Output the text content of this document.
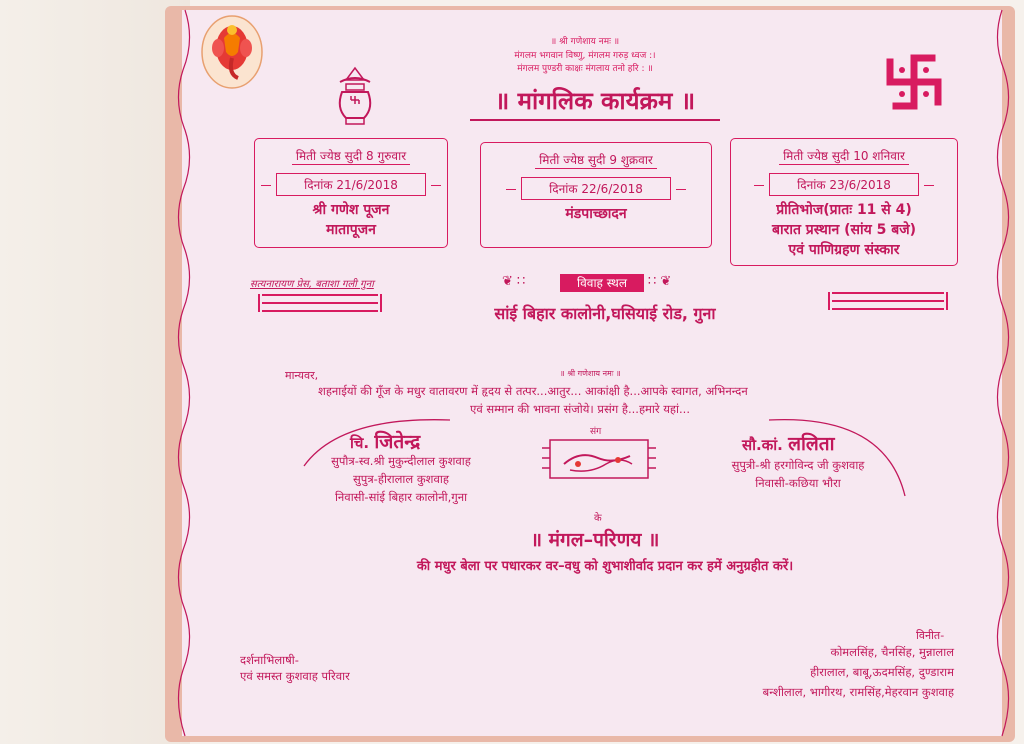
॥ श्री गणेशाय नमः ॥
मंगलम भगवान विष्णु, मंगलम गरुड़ ध्वज :।
मंगलम पुण्डरी काक्षः मंगलाय तनो हरि : ॥
॥ मांगलिक कार्यक्रम ॥
मिती ज्येष्ठ सुदी 8 गुरुवार
दिनांक 21/6/2018
श्री गणेश पूजन
मातापूजन
मिती ज्येष्ठ सुदी 9 शुक्रवार
दिनांक 22/6/2018
मंडपाच्छादन
मिती ज्येष्ठ सुदी 10 शनिवार
दिनांक 23/6/2018
प्रीतिभोज(प्रातः 11 से 4)
बारात प्रस्थान (सांय 5 बजे)
एवं पाणिग्रहण संस्कार
सत्यनारायण प्रेस, बताशा गली गुना	❦ ∷	विवाह स्थल	∷ ❦
सांई बिहार कालोनी,घसियाई रोड, गुना
मान्यवर,	॥ श्री गणेशाय नमः ॥
शहनाईयों की गूँज के मधुर वातावरण में हृदय से तत्पर...आतुर... आकांक्षी है...आपके स्वागत, अभिनन्दन
एवं सम्मान की भावना संजोये। प्रसंग है...हमारे यहां...
चि. जितेन्द्र
सुपौत्र-स्व.श्री मुकुन्दीलाल कुशवाह
सुपुत्र-हीरालाल कुशवाह
निवासी-सांई बिहार कालोनी,गुना
संग
सौ.कां. ललिता
सुपुत्री-श्री हरगोविन्द जी कुशवाह
निवासी-कछिया भौरा
के
॥ मंगल–परिणय ॥
की मधुर बेला पर पधारकर वर–वधु को शुभाशीर्वाद प्रदान कर हमें अनुग्रहीत करें।
दर्शनाभिलाषी-
एवं समस्त कुशवाह परिवार
विनीत-
कोमलसिंह, चैनसिंह, मुन्नालाल
हीरालाल, बाबू,ऊदमसिंह, दुण्डाराम
बन्शीलाल, भागीरथ, रामसिंह,मेहरवान कुशवाह
